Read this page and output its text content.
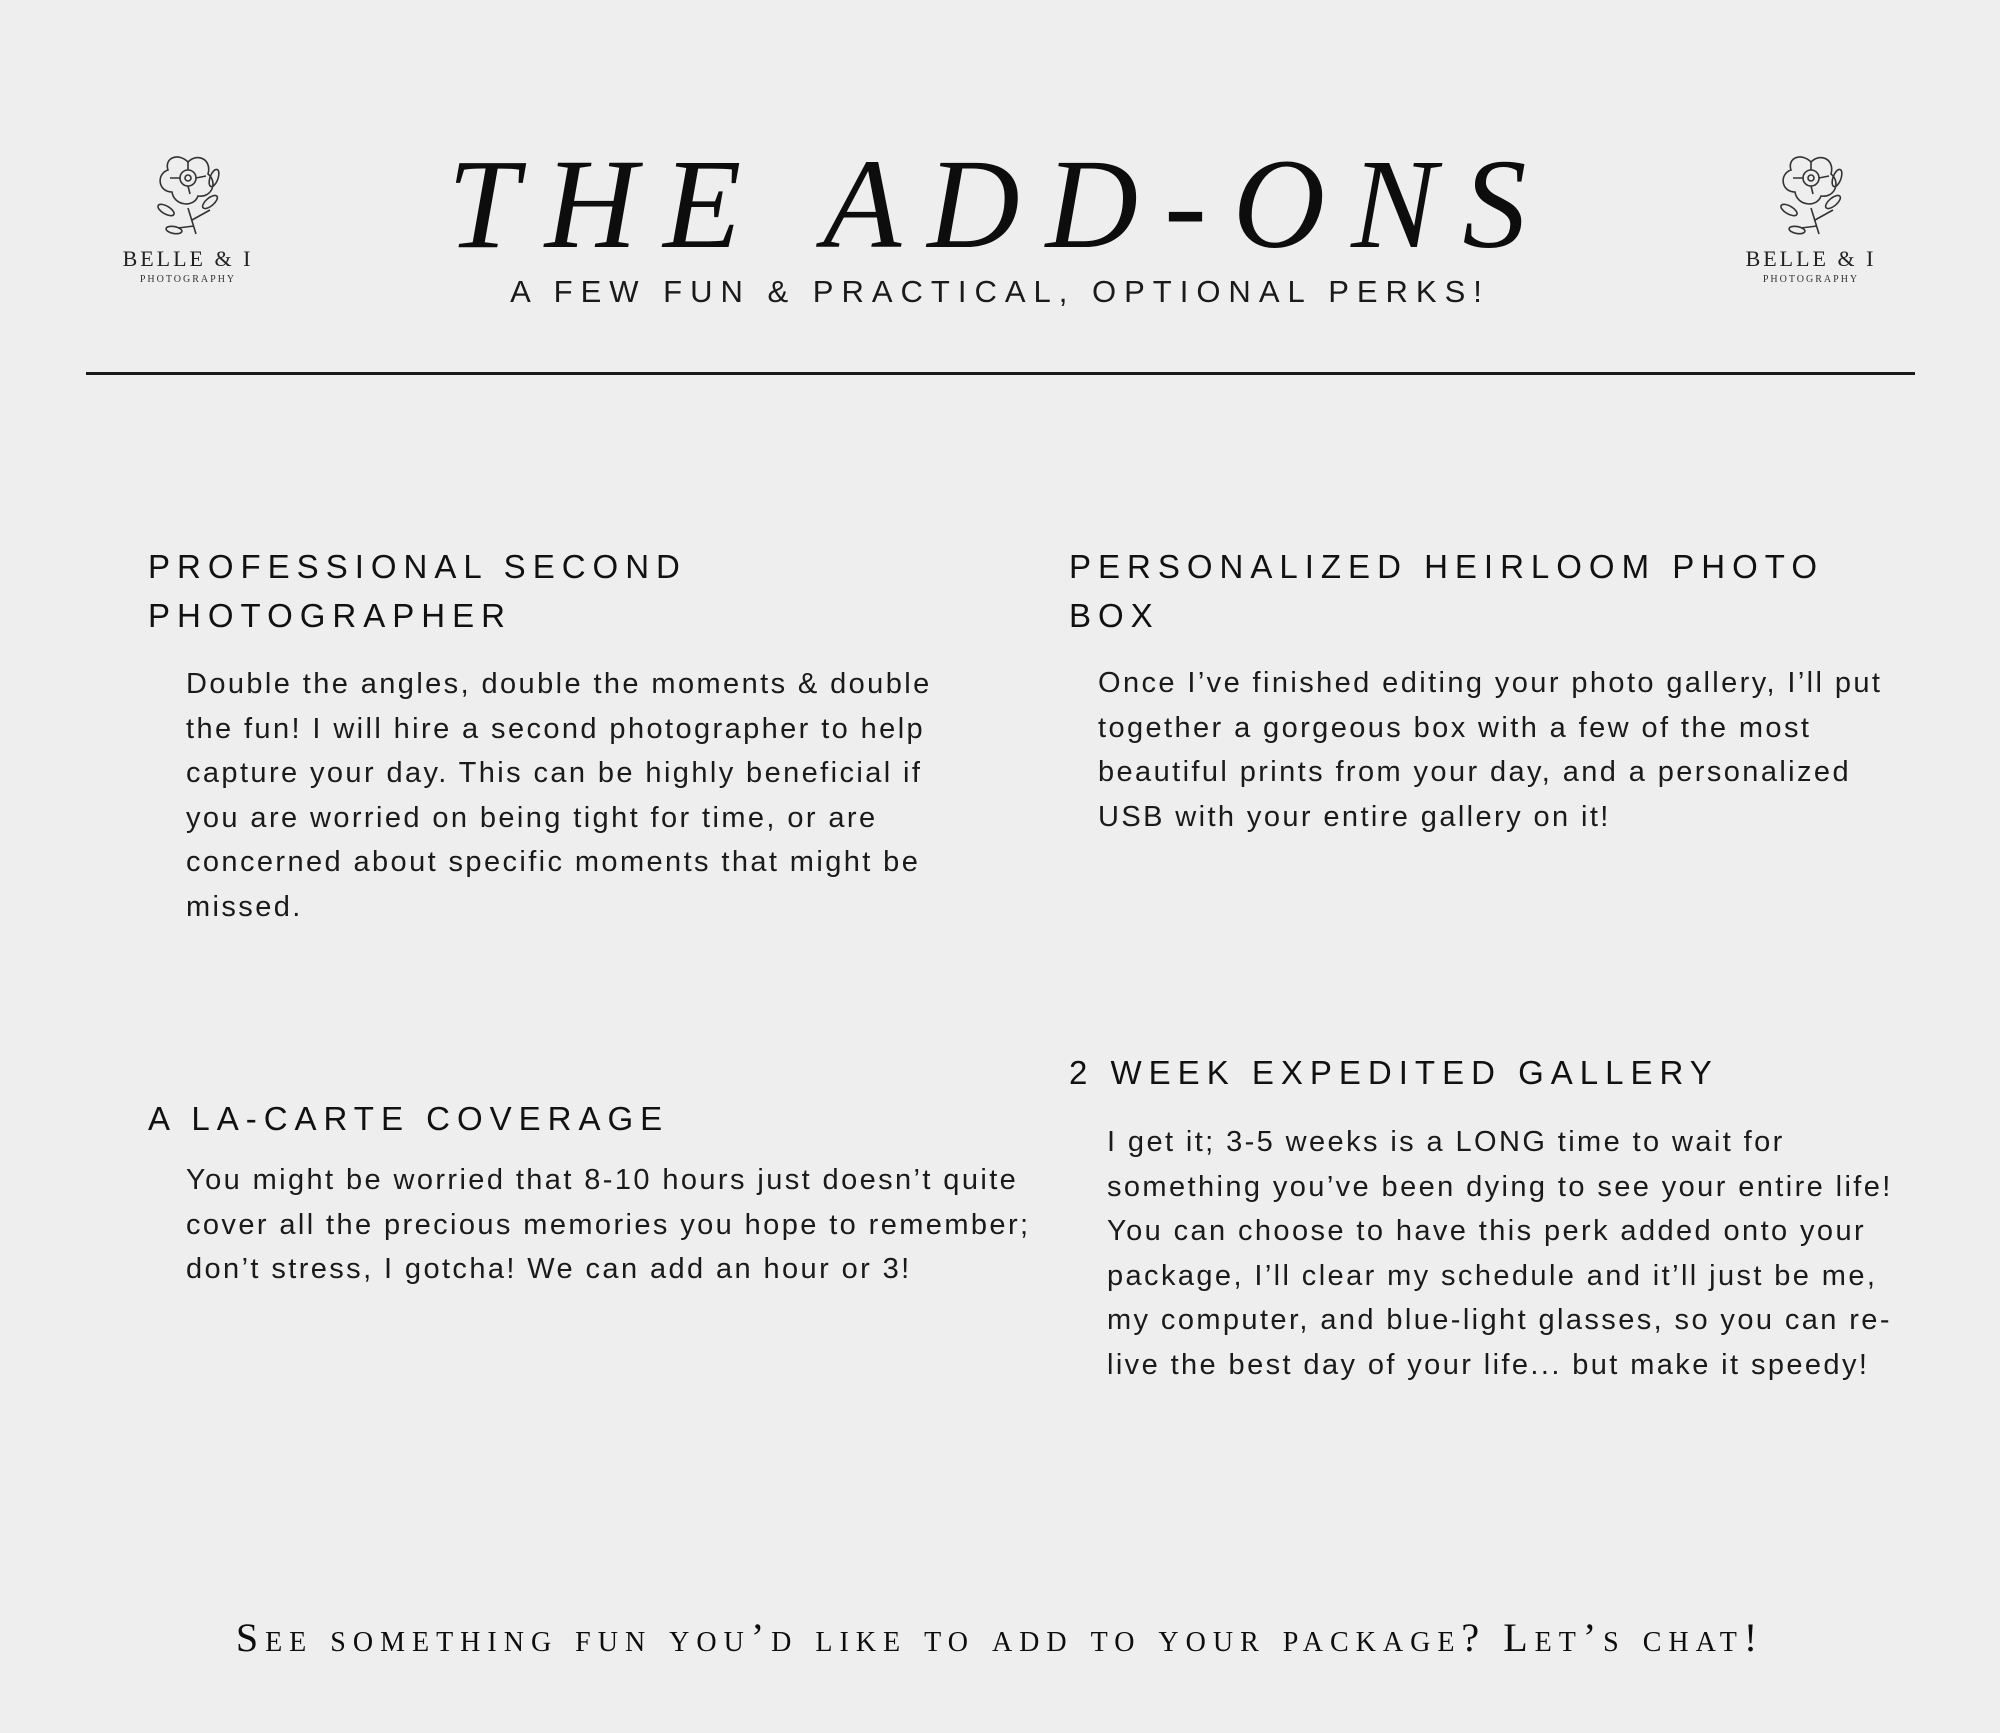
BELLE & I
PHOTOGRAPHY
BELLE & I
PHOTOGRAPHY
THE ADD-ONS
A FEW FUN & PRACTICAL, OPTIONAL PERKS!
PROFESSIONAL SECOND PHOTOGRAPHER

Double the angles, double the moments & double the fun! I will hire a second photographer to help capture your day. This can be highly beneficial if you are worried on being tight for time, or are concerned about specific moments that might be missed.

PERSONALIZED HEIRLOOM PHOTO BOX

Once I’ve finished editing your photo gallery, I’ll put together a gorgeous box with a few of the most beautiful prints from your day, and a personalized USB with your entire gallery on it!

A LA-CARTE COVERAGE

You might be worried that 8-10 hours just doesn’t quite cover all the precious memories you hope to remember; don’t stress, I gotcha! We can add an hour or 3!

2 WEEK EXPEDITED GALLERY

I get it; 3-5 weeks is a LONG time to wait for something you’ve been dying to see your entire life! You can choose to have this perk added onto your package, I’ll clear my schedule and it’ll just be me, my computer, and blue-light glasses, so you can re-live the best day of your life... but make it speedy!

See something fun you’d like to add to your package? Let’s chat!
